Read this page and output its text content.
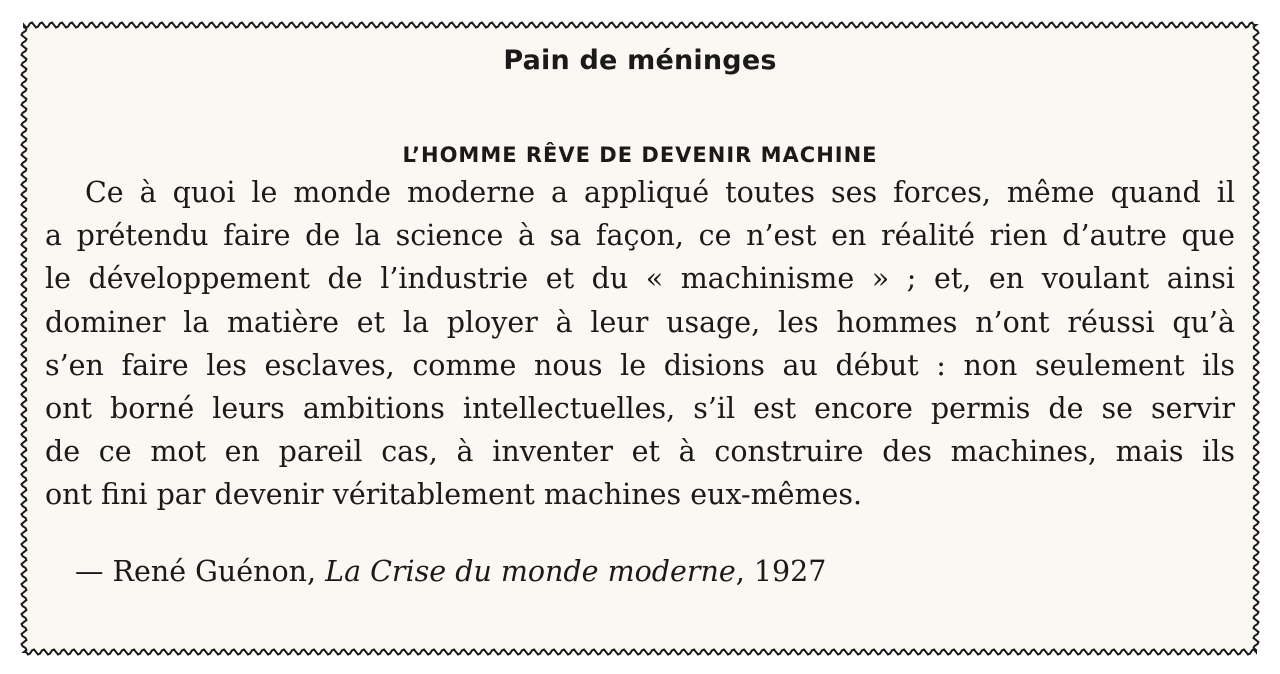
Pain de méninges
L’HOMME RÊVE DE DEVENIR MACHINE
Ce à quoi le monde moderne a appliqué toutes ses forces, même quand il
a prétendu faire de la science à sa façon, ce n’est en réalité rien d’autre que
le développement de l’industrie et du « machinisme » ; et, en voulant ainsi
dominer la matière et la ployer à leur usage, les hommes n’ont réussi qu’à
s’en faire les esclaves, comme nous le disions au début : non seulement ils
ont borné leurs ambitions intellectuelles, s’il est encore permis de se servir
de ce mot en pareil cas, à inventer et à construire des machines, mais ils
ont fini par devenir véritablement machines eux-mêmes.
— René Guénon, La Crise du monde moderne, 1927
